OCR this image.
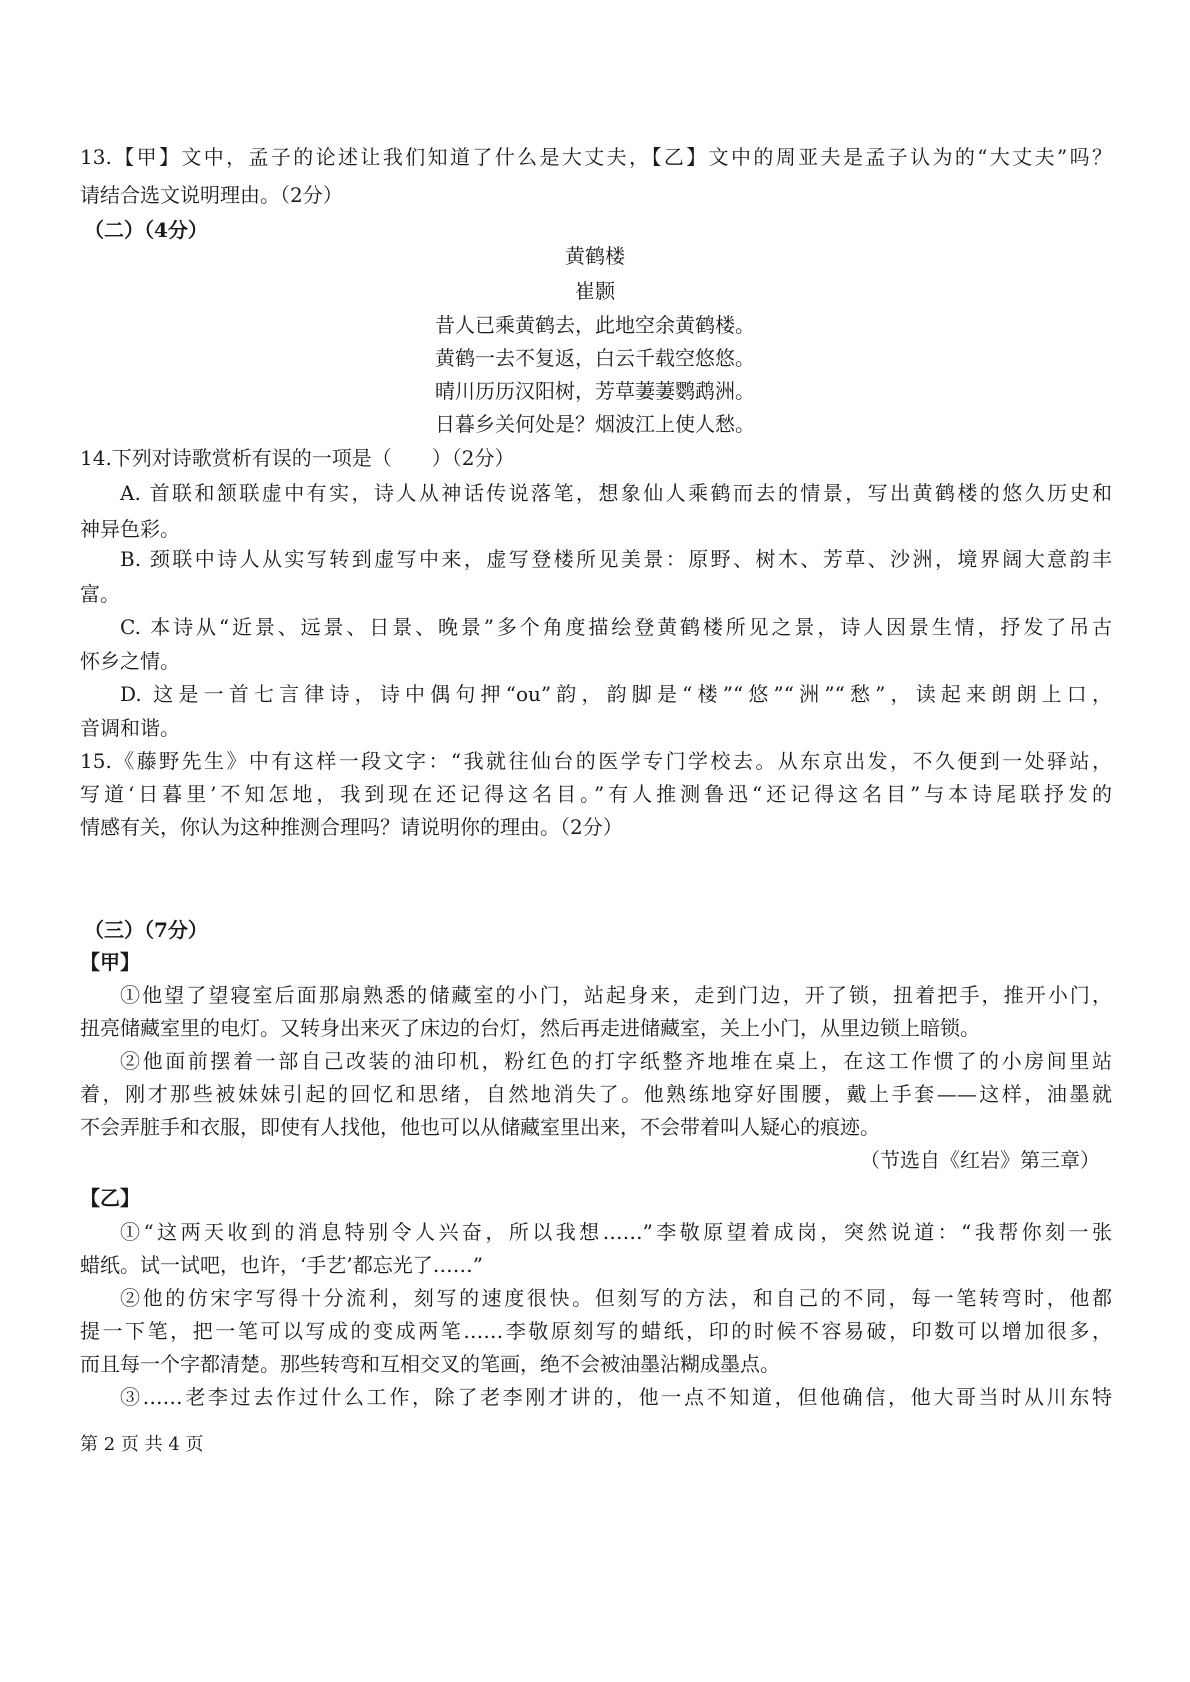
13.【甲】文中，孟子的论述让我们知道了什么是大丈夫，【乙】文中的周亚夫是孟子认为的“大丈夫”吗？
请结合选文说明理由。（2分）
（二）（4分）
黄鹤楼
崔颢
昔人已乘黄鹤去，此地空余黄鹤楼。
黄鹤一去不复返，白云千载空悠悠。
晴川历历汉阳树，芳草萋萋鹦鹉洲。
日暮乡关何处是？烟波江上使人愁。
14.下列对诗歌赏析有误的一项是（　　）（2分）
A. 首联和颔联虚中有实，诗人从神话传说落笔，想象仙人乘鹤而去的情景，写出黄鹤楼的悠久历史和
神异色彩。
B. 颈联中诗人从实写转到虚写中来，虚写登楼所见美景：原野、树木、芳草、沙洲，境界阔大意韵丰
富。
C. 本诗从“近景、远景、日景、晚景”多个角度描绘登黄鹤楼所见之景，诗人因景生情，抒发了吊古
怀乡之情。
D. 这是一首七言律诗，诗中偶句押“ou”韵，韵脚是“楼”“悠”“洲”“愁”，读起来朗朗上口，
音调和谐。
15.《藤野先生》中有这样一段文字：“我就往仙台的医学专门学校去。从东京出发，不久便到一处驿站，
写道‘日暮里’不知怎地，我到现在还记得这名目。”有人推测鲁迅“还记得这名目”与本诗尾联抒发的
情感有关，你认为这种推测合理吗？请说明你的理由。（2分）
（三）（7分）
【甲】
①他望了望寝室后面那扇熟悉的储藏室的小门，站起身来，走到门边，开了锁，扭着把手，推开小门，
扭亮储藏室里的电灯。又转身出来灭了床边的台灯，然后再走进储藏室，关上小门，从里边锁上暗锁。
②他面前摆着一部自己改装的油印机，粉红色的打字纸整齐地堆在桌上，在这工作惯了的小房间里站
着，刚才那些被妹妹引起的回忆和思绪，自然地消失了。他熟练地穿好围腰，戴上手套——这样，油墨就
不会弄脏手和衣服，即使有人找他，他也可以从储藏室里出来，不会带着叫人疑心的痕迹。
（节选自《红岩》第三章）
【乙】
①“这两天收到的消息特别令人兴奋，所以我想……”李敬原望着成岗，突然说道：“我帮你刻一张
蜡纸。试一试吧，也许，‘手艺’都忘光了……”
②他的仿宋字写得十分流利，刻写的速度很快。但刻写的方法，和自己的不同，每一笔转弯时，他都
提一下笔，把一笔可以写成的变成两笔……李敬原刻写的蜡纸，印的时候不容易破，印数可以增加很多，
而且每一个字都清楚。那些转弯和互相交叉的笔画，绝不会被油墨沾糊成墨点。
③……老李过去作过什么工作，除了老李刚才讲的，他一点不知道，但他确信，他大哥当时从川东特
第 2 页 共 4 页
